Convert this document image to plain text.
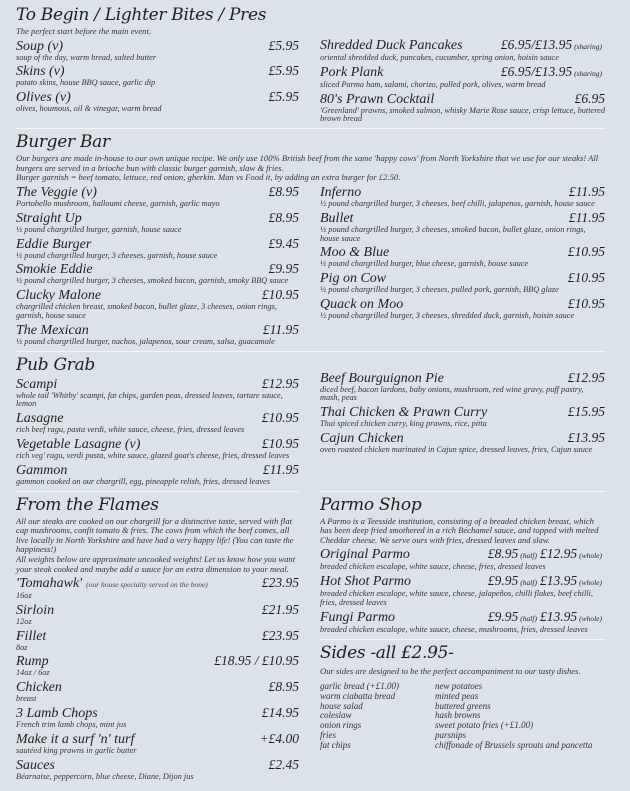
To Begin / Lighter Bites / Pres
The perfect start before the main event.
Soup (v)	£5.95
soup of the day, warm bread, salted butter
Skins (v)	£5.95
potato skins, house BBQ sauce, garlic dip
Olives (v)	£5.95
olives, houmous, oil & vinegar, warm bread
Shredded Duck Pancakes	£6.95/£13.95 (sharing)
oriental shredded duck, pancakes, cucumber, spring onion, hoisin sauce
Pork Plank	£6.95/£13.95 (sharing)
sliced Parma ham, salami, chorizo, pulled pork, olives, warm bread
80's Prawn Cocktail	£6.95
'Greenland' prawns, smoked salmon, whisky Marie Rose sauce, crisp lettuce, buttered brown bread
Burger Bar
Our burgers are made in-house to our own unique recipe. We only use 100% British beef from the same 'happy cows' from North Yorkshire that we use for our steaks! All burgers are served in a brioche bun with classic burger garnish, slaw & fries.
Burger garnish = beef tomato, lettuce, red onion, gherkin. Man vs Food it, by adding an extra burger for £2.50.
The Veggie (v)	£8.95
Portobello mushroom, halloumi cheese, garnish, garlic mayo
Straight Up	£8.95
½ pound chargrilled burger, garnish, house sauce
Eddie Burger	£9.45
½ pound chargrilled burger, 3 cheeses, garnish, house sauce
Smokie Eddie	£9.95
½ pound chargrilled burger, 3 cheeses, smoked bacon, garnish, smoky BBQ sauce
Clucky Malone	£10.95
chargrilled chicken breast, smoked bacon, bullet glaze, 3 cheeses, onion rings, garnish, house sauce
The Mexican	£11.95
½ pound chargrilled burger, nachos, jalapenos, sour cream, salsa, guacamole
Inferno	£11.95
½ pound chargrilled burger, 3 cheeses, beef chilli, jalapenos, garnish, house sauce
Bullet	£11.95
½ pound chargrilled burger, 3 cheeses, smoked bacon, bullet glaze, onion rings, house sauce
Moo & Blue	£10.95
½ pound chargrilled burger, blue cheese, garnish, house sauce
Pig on Cow	£10.95
½ pound chargrilled burger, 3 cheeses, pulled pork, garnish, BBQ glaze
Quack on Moo	£10.95
½ pound chargrilled burger, 3 cheeses, shredded duck, garnish, hoisin sauce
Pub Grab
Scampi	£12.95
whole tail 'Whitby' scampi, fat chips, garden peas, dressed leaves, tartare sauce, lemon
Lasagne	£10.95
rich beef ragu, pasta verdi, white sauce, cheese, fries, dressed leaves
Vegetable Lasagne (v)	£10.95
rich veg' ragu, verdi pasta, white sauce, glazed goat's cheese, fries, dressed leaves
Gammon	£11.95
gammon cooked on our chargrill, egg, pineapple relish, fries, dressed leaves
Beef Bourguignon Pie	£12.95
diced beef, bacon lardons, baby onions, mushroom, red wine gravy, puff pastry, mash, peas
Thai Chicken & Prawn Curry	£15.95
Thai spiced chicken curry, king prawns, rice, pitta
Cajun Chicken	£13.95
oven roasted chicken marinated in Cajun spice, dressed leaves, fries, Cajun sauce
From the Flames
All our steaks are cooked on our chargrill for a distinctive taste, served with flat cap mushrooms, confit tomato & fries. The cows from which the beef comes, all live locally in North Yorkshire and have had a very happy life! (You can taste the happiness!)
All weights below are approximate uncooked weights! Let us know how you want your steak cooked and maybe add a sauce for an extra dimension to your meal.
'Tomahawk' (our house specialty served on the bone)	£23.95
16oz
Sirloin	£21.95
12oz
Fillet	£23.95
8oz
Rump	£18.95 / £10.95
14oz / 6oz
Chicken	£8.95
breast
3 Lamb Chops	£14.95
French trim lamb chops, mint jus
Make it a surf 'n' turf	+£4.00
sautéed king prawns in garlic butter
Sauces	£2.45
Béarnaise, peppercorn, blue cheese, Diane, Dijon jus
Parmo Shop
A Parmo is a Teesside institution, consisting of a breaded chicken breast, which has been deep fried smothered in a rich Béchamel sauce, and topped with melted Cheddar cheese. We serve ours with fries, dressed leaves and slaw.
Original Parmo	£8.95 (half) £12.95 (whole)
breaded chicken escalope, white sauce, cheese, fries, dressed leaves
Hot Shot Parmo	£9.95 (half) £13.95 (whole)
breaded chicken escalope, white sauce, cheese, jalapeños, chilli flakes, beef chilli, fries, dressed leaves
Fungi Parmo	£9.95 (half) £13.95 (whole)
breaded chicken escalope, white sauce, cheese, mushrooms, fries, dressed leaves
Sides -all £2.95-
Our sides are designed to be the perfect accompaniment to our tasty dishes.
garlic bread (+£1.00)
warm ciabatta bread
house salad
coleslaw
onion rings
fries
fat chips
new potatoes
minted peas
buttered greens
hash browns
sweet potato fries (+£1.00)
parsnips
chiffonade of Brussels sprouts and pancetta
